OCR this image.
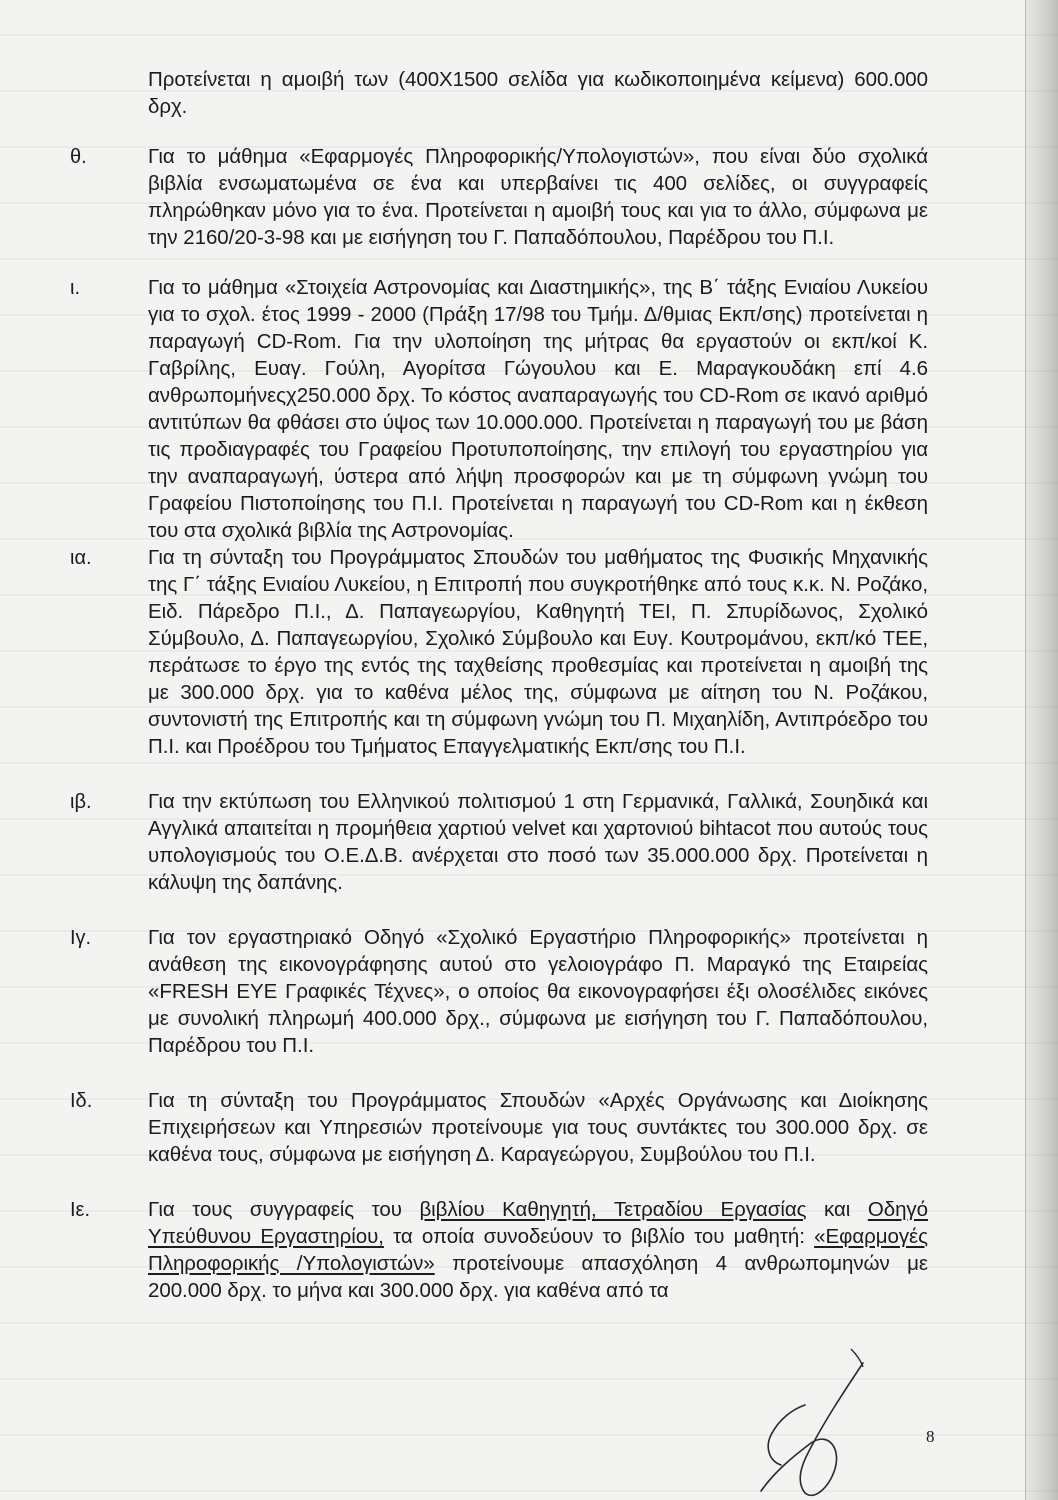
Προτείνεται η αμοιβή των (400Χ1500 σελίδα για κωδικοποιημένα κείμενα) 600.000 δρχ.
θ.	Για το μάθημα «Εφαρμογές Πληροφορικής/Υπολογιστών», που είναι δύο σχολικά βιβλία ενσωματωμένα σε ένα και υπερβαίνει τις 400 σελίδες, οι συγγραφείς πληρώθηκαν μόνο για το ένα. Προτείνεται η αμοιβή τους και για το άλλο, σύμφωνα με την 2160/20-3-98 και με εισήγηση του Γ. Παπαδόπουλου, Παρέδρου του Π.Ι.
ι.	Για το μάθημα «Στοιχεία Αστρονομίας και Διαστημικής», της Β΄ τάξης Ενιαίου Λυκείου για το σχολ. έτος 1999 - 2000 (Πράξη 17/98 του Τμήμ. Δ/θμιας Εκπ/σης) προτείνεται η παραγωγή CD-Rom. Για την υλοποίηση της μήτρας θα εργαστούν οι εκπ/κοί Κ. Γαβρίλης, Ευαγ. Γούλη, Αγορίτσα Γώγουλου και Ε. Μαραγκουδάκη επί 4.6 ανθρωπομήνεςχ250.000 δρχ. Το κόστος αναπαραγωγής του CD-Rom σε ικανό αριθμό αντιτύπων θα φθάσει στο ύψος των 10.000.000. Προτείνεται η παραγωγή του με βάση τις προδιαγραφές του Γραφείου Προτυποποίησης, την επιλογή του εργαστηρίου για την αναπαραγωγή, ύστερα από λήψη προσφορών και με τη σύμφωνη γνώμη του Γραφείου Πιστοποίησης του Π.Ι. Προτείνεται η παραγωγή του CD-Rom και η έκθεση του στα σχολικά βιβλία της Αστρονομίας.
ια.	Για τη σύνταξη του Προγράμματος Σπουδών του μαθήματος της Φυσικής Μηχανικής της Γ΄ τάξης Ενιαίου Λυκείου, η Επιτροπή που συγκροτήθηκε από τους κ.κ. Ν. Ροζάκο, Ειδ. Πάρεδρο Π.Ι., Δ. Παπαγεωργίου, Καθηγητή ΤΕΙ, Π. Σπυρίδωνος, Σχολικό Σύμβουλο, Δ. Παπαγεωργίου, Σχολικό Σύμβουλο και Ευγ. Κουτρομάνου, εκπ/κό ΤΕΕ, περάτωσε το έργο της εντός της ταχθείσης προθεσμίας και προτείνεται η αμοιβή της με 300.000 δρχ. για το καθένα μέλος της, σύμφωνα με αίτηση του Ν. Ροζάκου, συντονιστή της Επιτροπής και τη σύμφωνη γνώμη του Π. Μιχαηλίδη, Αντιπρόεδρο του Π.Ι. και Προέδρου του Τμήματος Επαγγελματικής Εκπ/σης του Π.Ι.
ιβ.	Για την εκτύπωση του Ελληνικού πολιτισμού 1 στη Γερμανικά, Γαλλικά, Σουηδικά και Αγγλικά απαιτείται η προμήθεια χαρτιού velvet και χαρτονιού bihtacot που αυτούς τους υπολογισμούς του Ο.Ε.Δ.Β. ανέρχεται στο ποσό των 35.000.000 δρχ. Προτείνεται η κάλυψη της δαπάνης.
Ιγ.	Για τον εργαστηριακό Οδηγό «Σχολικό Εργαστήριο Πληροφορικής» προτείνεται η ανάθεση της εικονογράφησης αυτού στο γελοιογράφο Π. Μαραγκό της Εταιρείας «FRESH EYE Γραφικές Τέχνες», ο οποίος θα εικονογραφήσει έξι ολοσέλιδες εικόνες με συνολική πληρωμή 400.000 δρχ., σύμφωνα με εισήγηση του Γ. Παπαδόπουλου, Παρέδρου του Π.Ι.
Ιδ.	Για τη σύνταξη του Προγράμματος Σπουδών «Αρχές Οργάνωσης και Διοίκησης Επιχειρήσεων και Υπηρεσιών προτείνουμε για τους συντάκτες του 300.000 δρχ. σε καθένα τους, σύμφωνα με εισήγηση Δ. Καραγεώργου, Συμβούλου του Π.Ι.
Ιε.	Για τους συγγραφείς του βιβλίου Καθηγητή, Τετραδίου Εργασίας και Οδηγό Υπεύθυνου Εργαστηρίου, τα οποία συνοδεύουν το βιβλίο του μαθητή: «Εφαρμογές Πληροφορικής /Υπολογιστών» προτείνουμε απασχόληση 4 ανθρωπομηνών με 200.000 δρχ. το μήνα και 300.000 δρχ. για καθένα από τα
8
